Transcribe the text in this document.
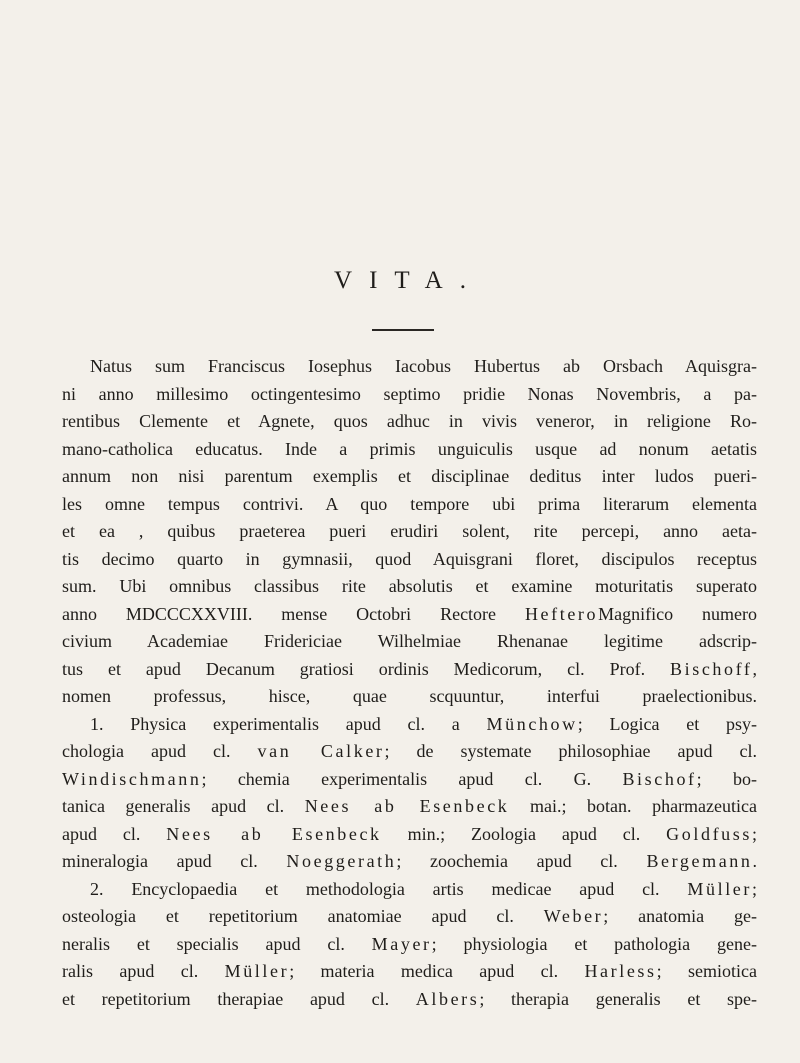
VITA.
Natus sum Franciscus Iosephus Iacobus Hubertus ab Orsbach Aquisgra-
ni anno millesimo octingentesimo septimo pridie Nonas Novembris, a pa-
rentibus Clemente et Agnete, quos adhuc in vivis veneror, in religione Ro-
mano-catholica educatus. Inde a primis unguiculis usque ad nonum aetatis
annum non nisi parentum exemplis et disciplinae deditus inter ludos pueri-
les omne tempus contrivi. A quo tempore ubi prima literarum elementa
et ea , quibus praeterea pueri erudiri solent, rite percepi, anno aeta-
tis decimo quarto in gymnasii, quod Aquisgrani floret, discipulos receptus
sum. Ubi omnibus classibus rite absolutis et examine moturitatis superato
anno MDCCCXXVIII. mense Octobri Rectore HefteroMagnifico numero
civium Academiae Fridericiae Wilhelmiae Rhenanae legitime adscrip-
tus et apud Decanum gratiosi ordinis Medicorum, cl. Prof. Bischoff,
nomen professus, hisce, quae scquuntur, interfui praelectionibus.
1. Physica experimentalis apud cl. a Münchow; Logica et psy-
chologia apud cl. van Calker; de systemate philosophiae apud cl.
Windischmann; chemia experimentalis apud cl. G. Bischof; bo-
tanica generalis apud cl. Nees ab Esenbeck mai.; botan. pharmazeutica
apud cl. Nees ab Esenbeck min.; Zoologia apud cl. Goldfuss;
mineralogia apud cl. Noeggerath; zoochemia apud cl. Bergemann.
2. Encyclopaedia et methodologia artis medicae apud cl. Müller;
osteologia et repetitorium anatomiae apud cl. Weber; anatomia ge-
neralis et specialis apud cl. Mayer; physiologia et pathologia gene-
ralis apud cl. Müller; materia medica apud cl. Harless; semiotica
et repetitorium therapiae apud cl. Albers; therapia generalis et spe-
